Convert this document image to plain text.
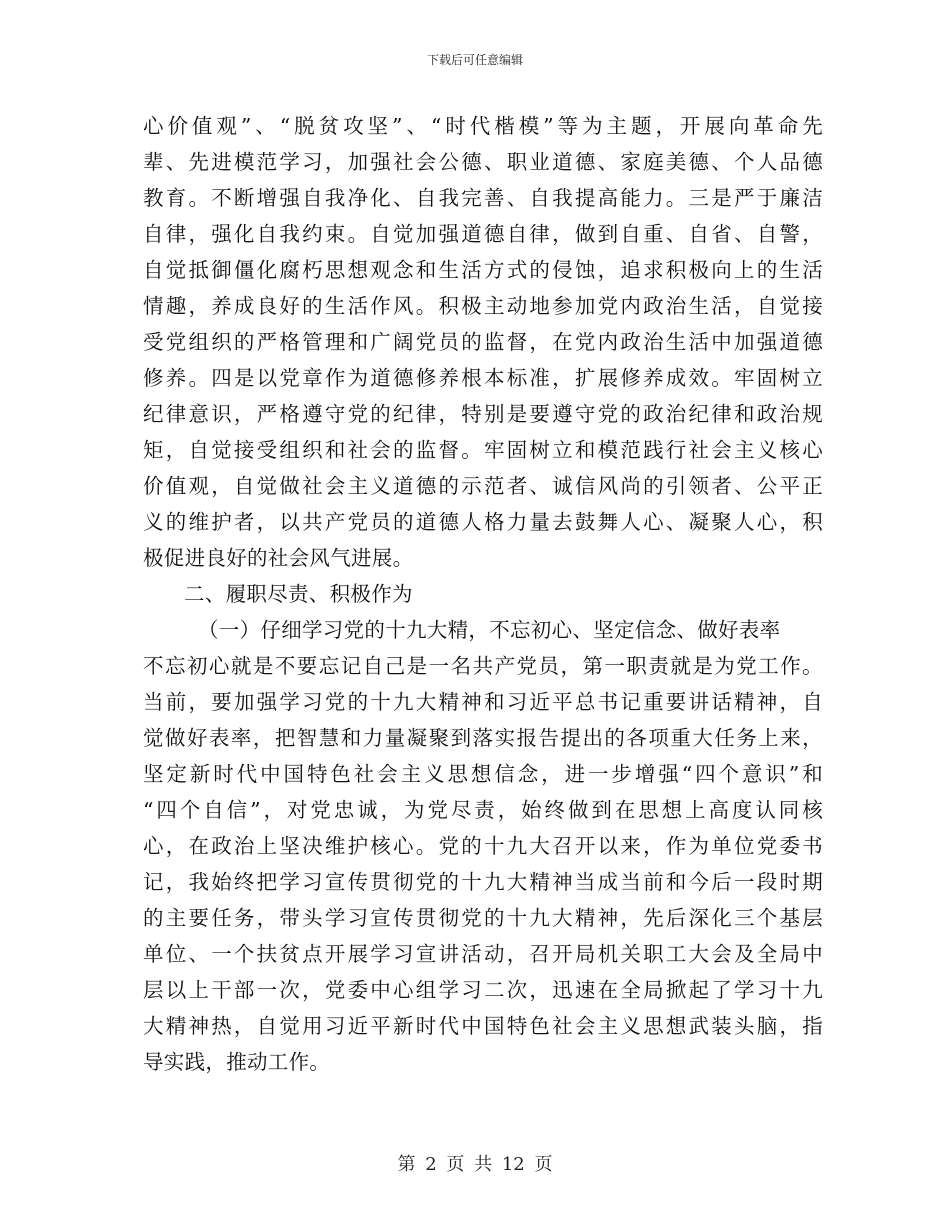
下载后可任意编辑
心价值观”、“脱贫攻坚”、“时代楷模”等为主题，开展向革命先
辈、先进模范学习，加强社会公德、职业道德、家庭美德、个人品德
教育。不断增强自我净化、自我完善、自我提高能力。三是严于廉洁
自律，强化自我约束。自觉加强道德自律，做到自重、自省、自警，
自觉抵御僵化腐朽思想观念和生活方式的侵蚀，追求积极向上的生活
情趣，养成良好的生活作风。积极主动地参加党内政治生活，自觉接
受党组织的严格管理和广阔党员的监督，在党内政治生活中加强道德
修养。四是以党章作为道德修养根本标准，扩展修养成效。牢固树立
纪律意识，严格遵守党的纪律，特别是要遵守党的政治纪律和政治规
矩，自觉接受组织和社会的监督。牢固树立和模范践行社会主义核心
价值观，自觉做社会主义道德的示范者、诚信风尚的引领者、公平正
义的维护者，以共产党员的道德人格力量去鼓舞人心、凝聚人心，积
极促进良好的社会风气进展。
二、履职尽责、积极作为
（一）仔细学习党的十九大精，不忘初心、坚定信念、做好表率
不忘初心就是不要忘记自己是一名共产党员，第一职责就是为党工作。
当前，要加强学习党的十九大精神和习近平总书记重要讲话精神，自
觉做好表率，把智慧和力量凝聚到落实报告提出的各项重大任务上来，
坚定新时代中国特色社会主义思想信念，进一步增强“四个意识”和
“四个自信”，对党忠诚，为党尽责，始终做到在思想上高度认同核
心，在政治上坚决维护核心。党的十九大召开以来，作为单位党委书
记，我始终把学习宣传贯彻党的十九大精神当成当前和今后一段时期
的主要任务，带头学习宣传贯彻党的十九大精神，先后深化三个基层
单位、一个扶贫点开展学习宣讲活动，召开局机关职工大会及全局中
层以上干部一次，党委中心组学习二次，迅速在全局掀起了学习十九
大精神热，自觉用习近平新时代中国特色社会主义思想武装头脑，指
导实践，推动工作。
第 2 页 共 12 页
